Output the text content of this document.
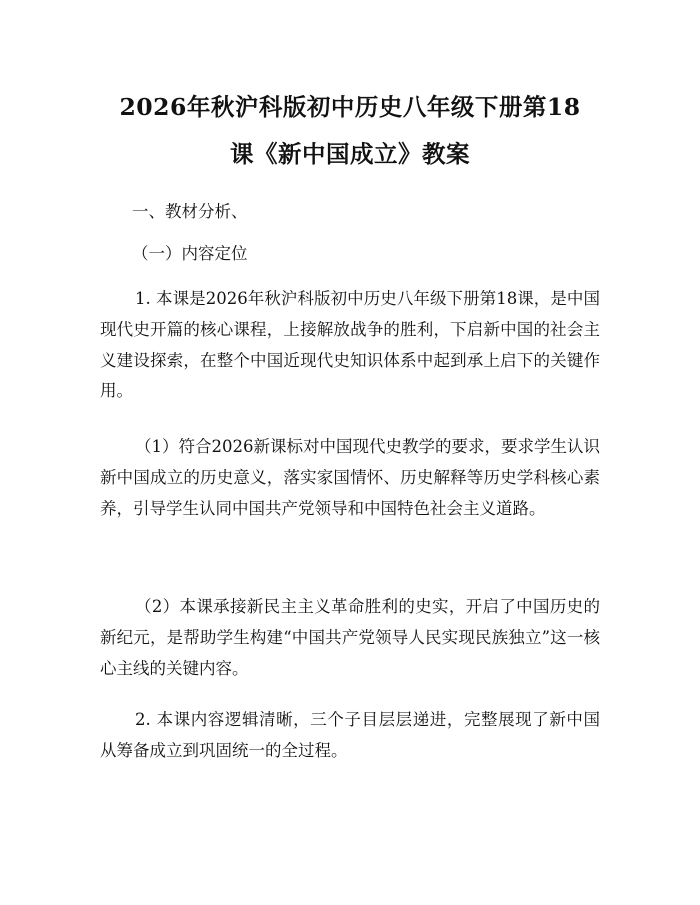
2026年秋沪科版初中历史八年级下册第18
课《新中国成立》教案
一、教材分析、
（一）内容定位
1. 本课是2026年秋沪科版初中历史八年级下册第18课，是中国现代史开篇的核心课程，上接解放战争的胜利，下启新中国的社会主义建设探索，在整个中国近现代史知识体系中起到承上启下的关键作用。
（1）符合2026新课标对中国现代史教学的要求，要求学生认识新中国成立的历史意义，落实家国情怀、历史解释等历史学科核心素养，引导学生认同中国共产党领导和中国特色社会主义道路。
（2）本课承接新民主主义革命胜利的史实，开启了中国历史的新纪元，是帮助学生构建“中国共产党领导人民实现民族独立”这一核心主线的关键内容。
2. 本课内容逻辑清晰，三个子目层层递进，完整展现了新中国从筹备成立到巩固统一的全过程。
